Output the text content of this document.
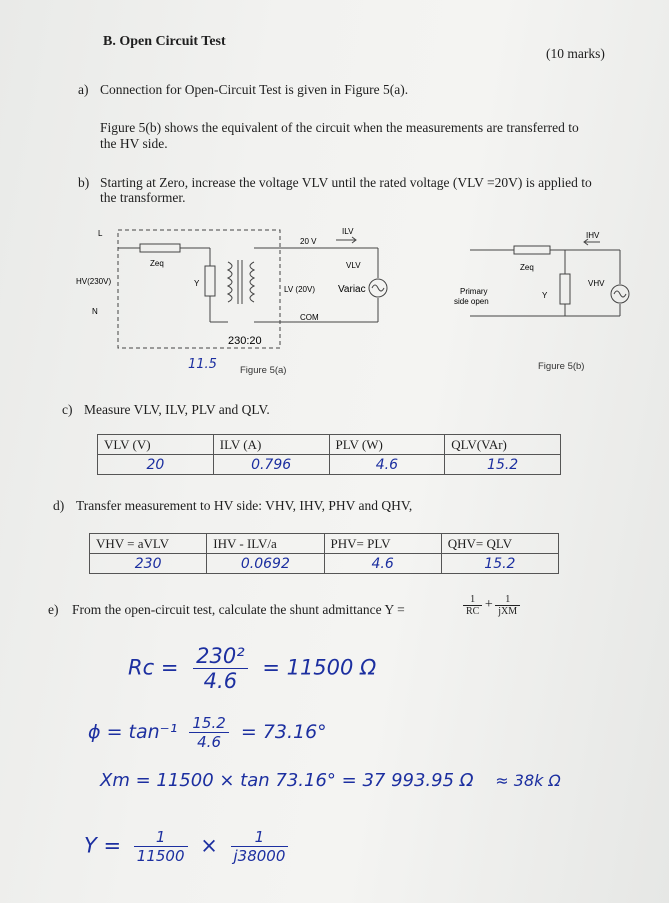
B. Open Circuit Test
(10 marks)
a) Connection for Open-Circuit Test is given in Figure 5(a).
Figure 5(b) shows the equivalent of the circuit when the measurements are transferred to
the HV side.
b) Starting at Zero, increase the voltage VLV until the rated voltage (VLV =20V) is applied to
the transformer.
L
HV(230V)
N
Zeq
Y
20 V
ILV
VLV
Variac
LV (20V)
COM
230:20
11.5 Figure 5(a)
Zeq
Y
IHV
VHV
Primary
side open
Figure 5(b)
c) Measure VLV, ILV, PLV and QLV.
VLV (V)	ILV (A)	PLV (W)	QLV(VAr)
20	0.796	4.6	15.2
d) Transfer measurement to HV side: VHV, IHV, PHV and QHV,
VHV = aVLV	IHV - ILV/a	PHV= PLV	QHV= QLV
230	0.0692	4.6	15.2
e) From the open-circuit test, calculate the shunt admittance Y =	$\frac{1}{RC} + \frac{1}{\text{jXM}}$
$Rc = \frac{\text{230²}}{4.6} = 11500$ Ω
$\phi = \tan^{-1} \frac{15.2}{4.6} = 73.16^\circ$
Xm = 11500 × tan 73.16° = 37 993.95 Ω ≈ 38k Ω
$Y = \frac{1}{11500} \times \frac{1}{j38000}$
